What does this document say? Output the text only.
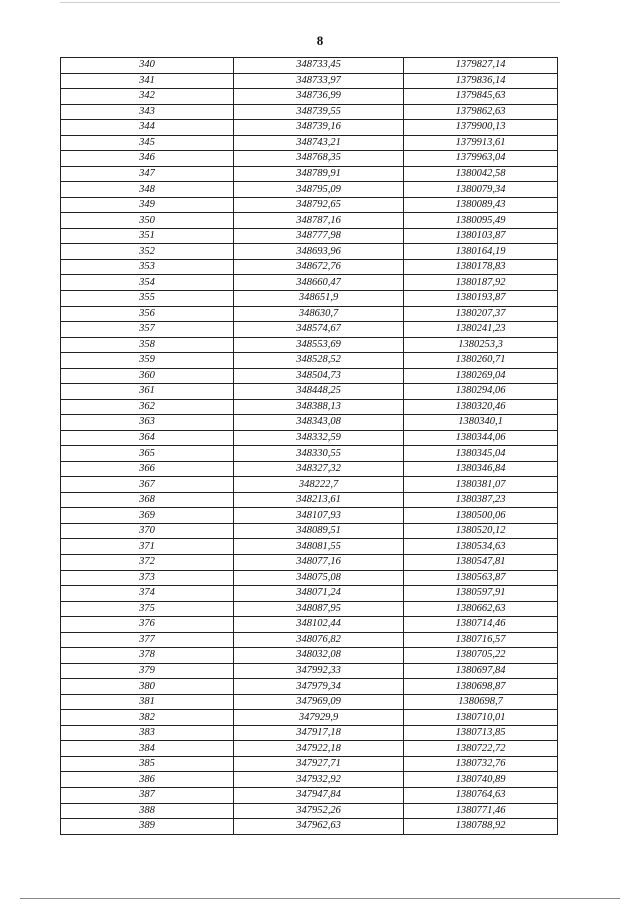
8
340	348733,45	1379827,14
341	348733,97	1379836,14
342	348736,99	1379845,63
343	348739,55	1379862,63
344	348739,16	1379900,13
345	348743,21	1379913,61
346	348768,35	1379963,04
347	348789,91	1380042,58
348	348795,09	1380079,34
349	348792,65	1380089,43
350	348787,16	1380095,49
351	348777,98	1380103,87
352	348693,96	1380164,19
353	348672,76	1380178,83
354	348660,47	1380187,92
355	348651,9	1380193,87
356	348630,7	1380207,37
357	348574,67	1380241,23
358	348553,69	1380253,3
359	348528,52	1380260,71
360	348504,73	1380269,04
361	348448,25	1380294,06
362	348388,13	1380320,46
363	348343,08	1380340,1
364	348332,59	1380344,06
365	348330,55	1380345,04
366	348327,32	1380346,84
367	348222,7	1380381,07
368	348213,61	1380387,23
369	348107,93	1380500,06
370	348089,51	1380520,12
371	348081,55	1380534,63
372	348077,16	1380547,81
373	348075,08	1380563,87
374	348071,24	1380597,91
375	348087,95	1380662,63
376	348102,44	1380714,46
377	348076,82	1380716,57
378	348032,08	1380705,22
379	347992,33	1380697,84
380	347979,34	1380698,87
381	347969,09	1380698,7
382	347929,9	1380710,01
383	347917,18	1380713,85
384	347922,18	1380722,72
385	347927,71	1380732,76
386	347932,92	1380740,89
387	347947,84	1380764,63
388	347952,26	1380771,46
389	347962,63	1380788,92
